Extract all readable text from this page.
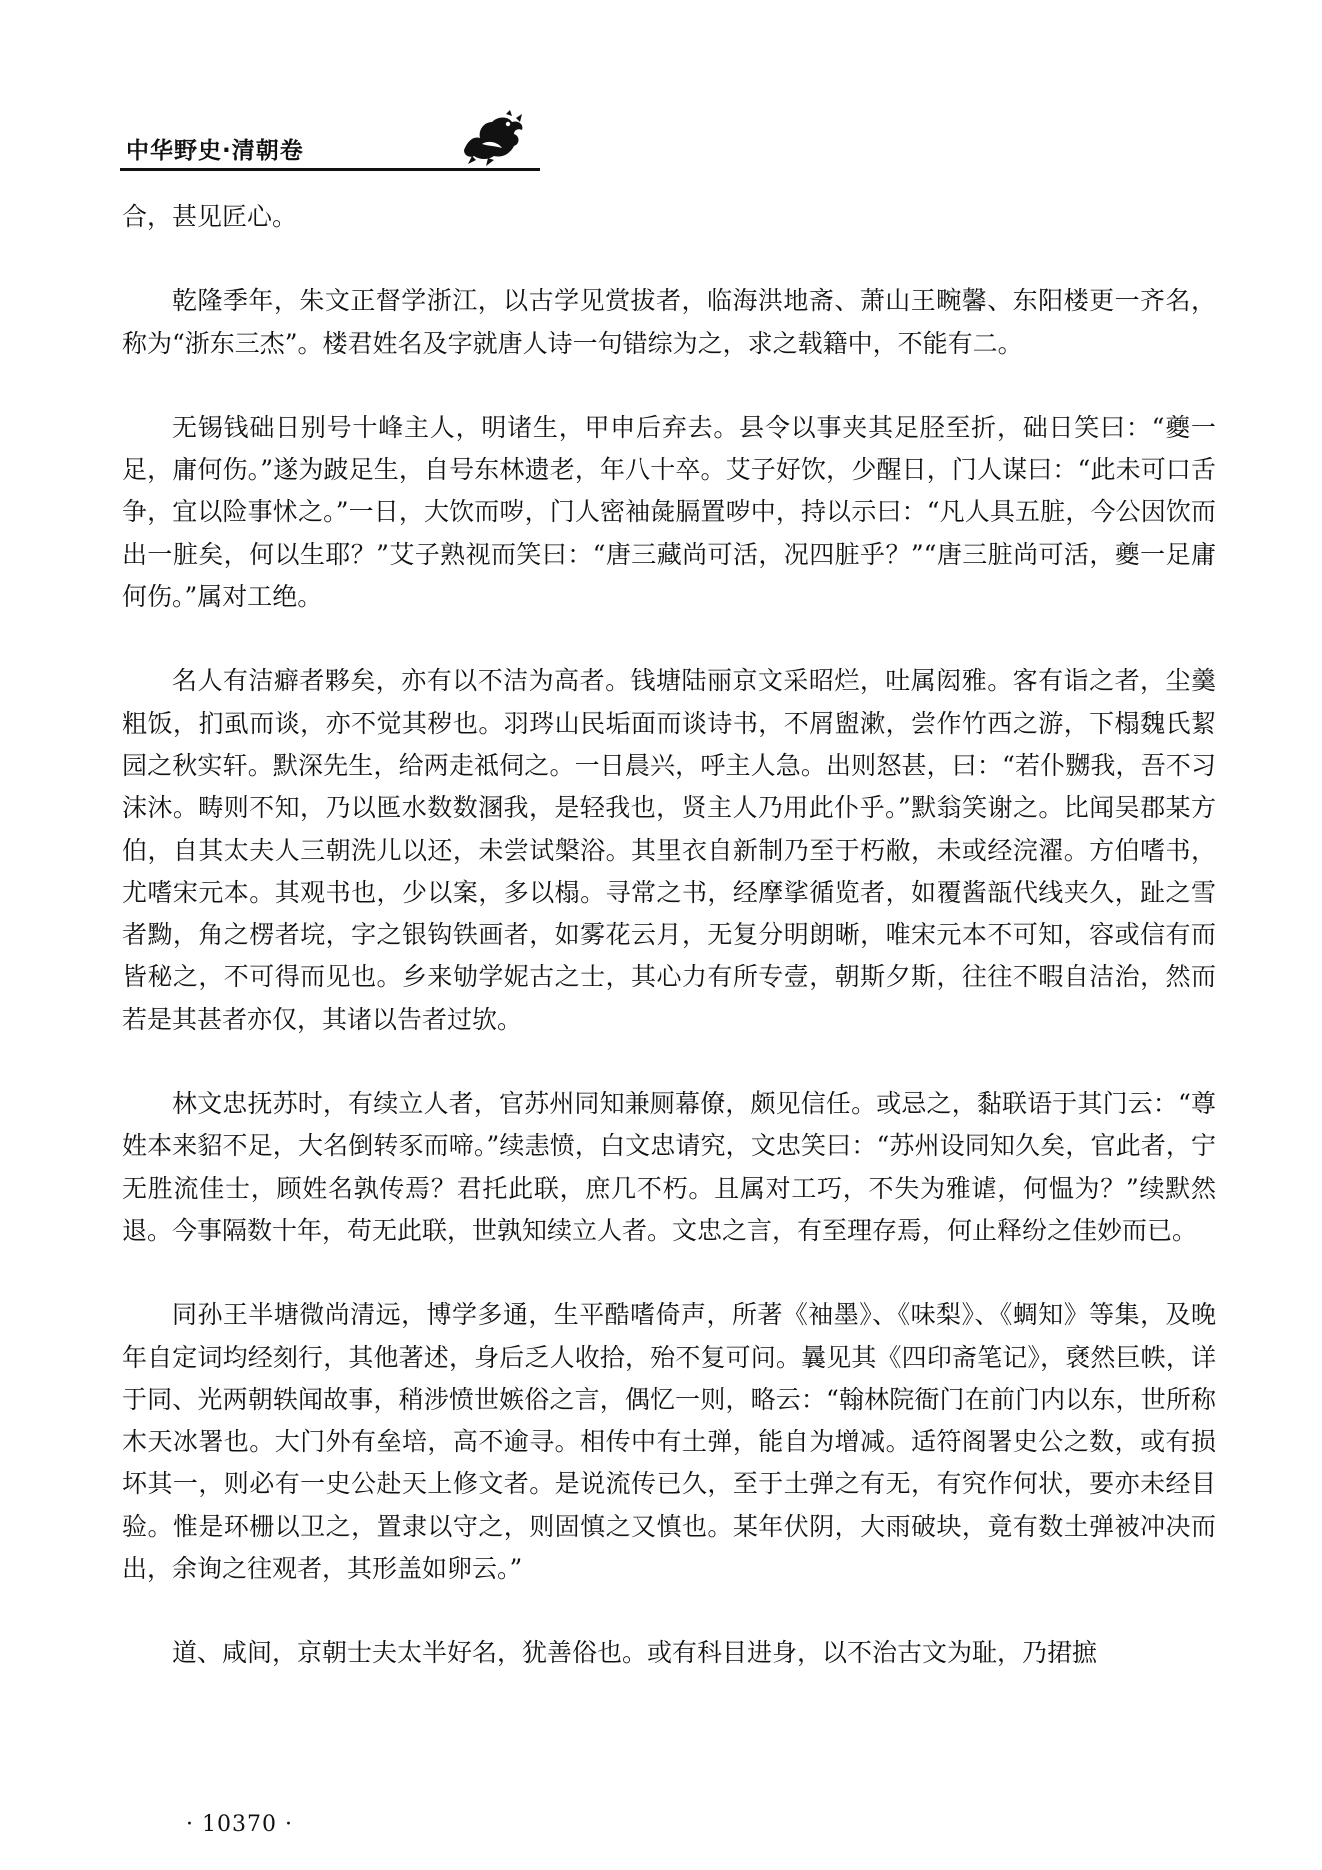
中华野史·清朝卷

合，甚见匠心。

乾隆季年，朱文正督学浙江，以古学见赏拔者，临海洪地斋、萧山王畹馨、东阳楼更一齐名，称为“浙东三杰”。楼君姓名及字就唐人诗一句错综为之，求之载籍中，不能有二。

无锡钱础日别号十峰主人，明诸生，甲申后弃去。县令以事夹其足胫至折，础日笑曰：“夔一足，庸何伤。”遂为跛足生，自号东林遗老，年八十卒。艾子好饮，少醒日，门人谋曰：“此未可口舌争，宜以险事怵之。”一日，大饮而哕，门人密袖彘膈置哕中，持以示曰：“凡人具五脏，今公因饮而出一脏矣，何以生耶？”艾子熟视而笑曰：“唐三藏尚可活，况四脏乎？”“唐三脏尚可活，夔一足庸何伤。”属对工绝。

名人有洁癖者夥矣，亦有以不洁为高者。钱塘陆丽京文采昭烂，吐属闳雅。客有诣之者，尘羹粗饭，扪虱而谈，亦不觉其秽也。羽琌山民垢面而谈诗书，不屑盥漱，尝作竹西之游，下榻魏氏絜园之秋实轩。默深先生，给两走祗伺之。一日晨兴，呼主人急。出则怒甚，曰：“若仆嬲我，吾不习沫沐。畴则不知，乃以匜水数数溷我，是轻我也，贤主人乃用此仆乎。”默翁笑谢之。比闻吴郡某方伯，自其太夫人三朝洗儿以还，未尝试槃浴。其里衣自新制乃至于朽敝，未或经浣濯。方伯嗜书，尤嗜宋元本。其观书也，少以案，多以榻。寻常之书，经摩挲循览者，如覆酱瓿代线夹久，趾之雪者黝，角之楞者垸，字之银钩铁画者，如雾花云月，无复分明朗晰，唯宋元本不可知，容或信有而皆秘之，不可得而见也。乡来劬学妮古之士，其心力有所专壹，朝斯夕斯，往往不暇自洁治，然而若是其甚者亦仅，其诸以告者过欤。

林文忠抚苏时，有续立人者，官苏州同知兼厕幕僚，颇见信任。或忌之，黏联语于其门云：“尊姓本来貂不足，大名倒转豕而啼。”续恚愤，白文忠请究，文忠笑曰：“苏州设同知久矣，官此者，宁无胜流佳士，顾姓名孰传焉？君托此联，庶几不朽。且属对工巧，不失为雅谑，何愠为？”续默然退。今事隔数十年，苟无此联，世孰知续立人者。文忠之言，有至理存焉，何止释纷之佳妙而已。

同孙王半塘微尚清远，博学多通，生平酷嗜倚声，所著《袖墨》、《味梨》、《蜩知》等集，及晚年自定词均经刻行，其他著述，身后乏人收拾，殆不复可问。曩见其《四印斋笔记》，褎然巨帙，详于同、光两朝轶闻故事，稍涉愤世嫉俗之言，偶忆一则，略云：“翰林院衙门在前门内以东，世所称木天冰署也。大门外有垒培，高不逾寻。相传中有土弹，能自为增减。适符阁署史公之数，或有损坏其一，则必有一史公赴天上修文者。是说流传已久，至于土弹之有无，有究作何状，要亦未经目验。惟是环栅以卫之，置隶以守之，则固慎之又慎也。某年伏阴，大雨破块，竟有数土弹被冲决而出，余询之往观者，其形盖如卵云。”

道、咸间，京朝士夫太半好名，犹善俗也。或有科目进身，以不治古文为耻，乃捃摭

· 10370 ·
